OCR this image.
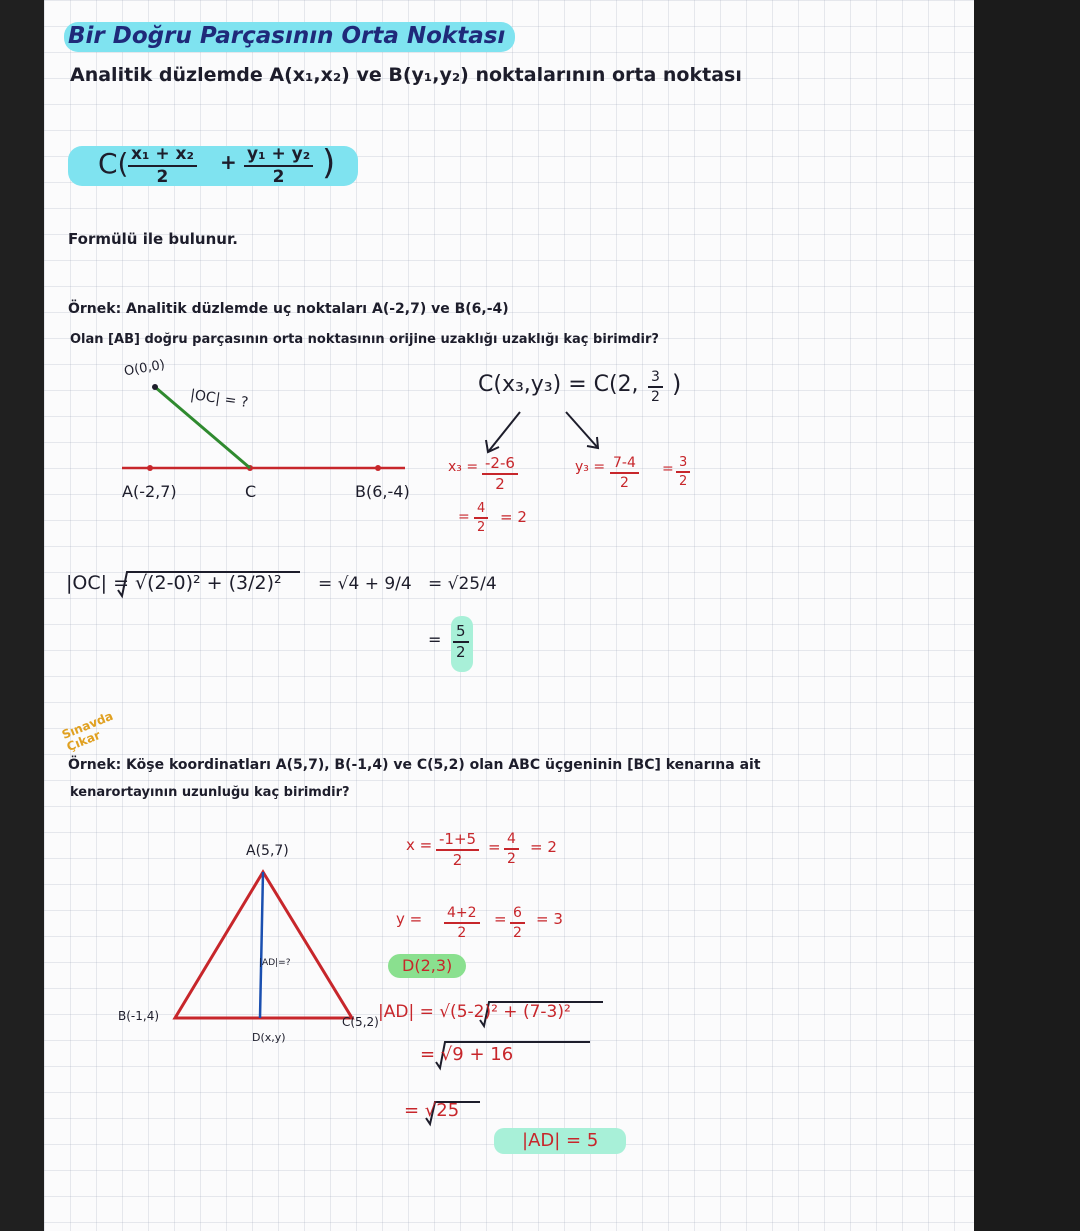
Bir Doğru Parçasının Orta Noktası
Analitik düzlemde A(x₁,x₂) ve B(y₁,y₂) noktalarının orta noktası
$C( \frac{\text{x₁ + x₂}}{2} + \frac{\text{y₁ + y₂}}{2}$ )
Formülü ile bulunur.
Örnek: Analitik düzlemde uç noktaları A(-2,7) ve B(6,-4)
Olan [AB] doğru parçasının orta noktasının orijine uzaklığı uzaklığı kaç birimdir?
O(0,0)
|OC| = ?
A(-2,7)	C	B(6,-4)
C(x₃,y₃) = C(2, $\frac{3}{2}$ )
$x_3 = \frac{-2-6}{2}$
= $\frac{4}{2} = 2$
$y_3 = \frac{7-4}{2} = \frac{3}{2}$
|OC| = √(2-0)² + (3/2)² = √4 + 9/4 = √25/4
= $\frac{5}{2}$
Sınavda Çıkar
Örnek: Köşe koordinatları A(5,7), B(-1,4) ve C(5,2) olan ABC üçgeninin [BC] kenarına ait
kenarortayının uzunluğu kaç birimdir?
A(5,7)
B(-1,4)	C(5,2)
D(x,y)
|AD|=?
$x = \frac{-1+5}{2} = \frac{4}{2} = 2$
$y = \frac{4+2}{2} = \frac{6}{2} = 3$
D(2,3)
|AD| = √(5-2)² + (7-3)²
= √9 + 16
= √25
|AD| = 5
